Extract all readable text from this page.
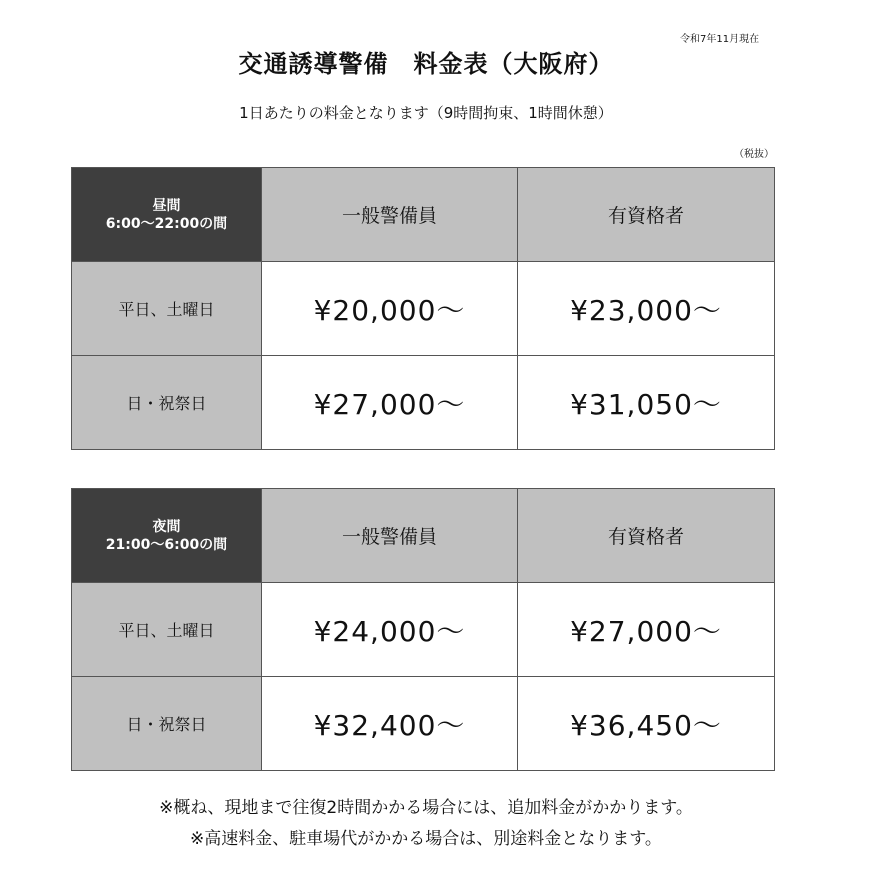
令和7年11月現在
交通誘導警備　料金表（大阪府）
1日あたりの料金となります（9時間拘束、1時間休憩）
（税抜）
昼間
6:00〜22:00の間	一般警備員	有資格者
平日、土曜日	¥20,000〜	¥23,000〜
日・祝祭日	¥27,000〜	¥31,050〜
夜間
21:00〜6:00の間	一般警備員	有資格者
平日、土曜日	¥24,000〜	¥27,000〜
日・祝祭日	¥32,400〜	¥36,450〜
※概ね、現地まで往復2時間かかる場合には、追加料金がかかります。
※高速料金、駐車場代がかかる場合は、別途料金となります。
